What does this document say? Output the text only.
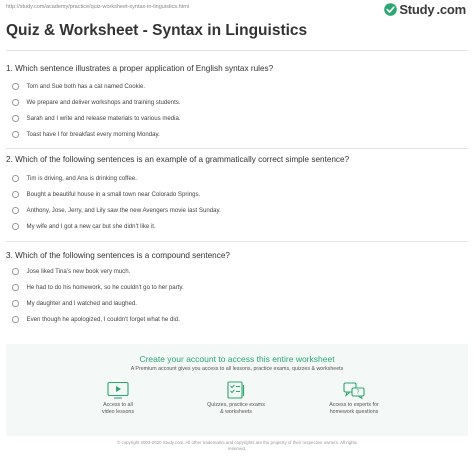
http://study.com/academy/practice/quiz-worksheet-syntax-in-linguistics.html	Study .com
Quiz & Worksheet - Syntax in Linguistics
1. Which sentence illustrates a proper application of English syntax rules?
Tom and Sue both has a cat named Cookie.
We prepare and deliver workshops and training students.
Sarah and I write and release materials to various media.
Toast have I for breakfast every morning Monday.
2. Which of the following sentences is an example of a grammatically correct simple sentence?
Tim is driving, and Ana is drinking coffee.
Bought a beautiful house in a small town near Colorado Springs.
Anthony, Jose, Jerry, and Lily saw the new Avengers movie last Sunday.
My wife and I got a new car but she didn't like it.
3. Which of the following sentences is a compound sentence?
Jose liked Tina's new book very much.
He had to do his homework, so he couldn't go to her party.
My daughter and I watched and laughed.
Even though he apologized, I couldn't forget what he did.
Create your account to access this entire worksheet
A Premium account gives you access to all lessons, practice exams, quizzes & worksheets
Access to all
video lessons
Quizzes, practice exams
& worksheets
?
Access to experts for
homework questions
© copyright 2003-2020 Study.com. All other trademarks and copyrights are the property of their respective owners. All rights
reserved.
